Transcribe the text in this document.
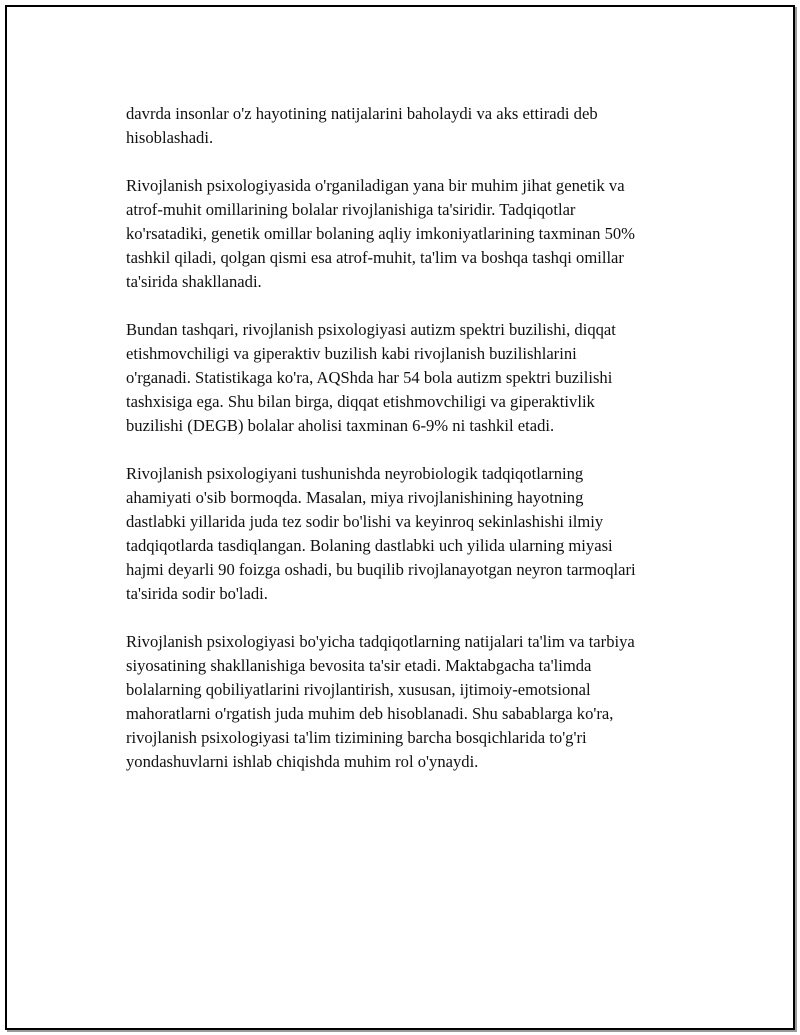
davrda insonlar o'z hayotining natijalarini baholaydi va aks ettiradi deb
hisoblashadi.

Rivojlanish psixologiyasida o'rganiladigan yana bir muhim jihat genetik va
atrof-muhit omillarining bolalar rivojlanishiga ta'siridir. Tadqiqotlar
ko'rsatadiki, genetik omillar bolaning aqliy imkoniyatlarining taxminan 50%
tashkil qiladi, qolgan qismi esa atrof-muhit, ta'lim va boshqa tashqi omillar
ta'sirida shakllanadi.

Bundan tashqari, rivojlanish psixologiyasi autizm spektri buzilishi, diqqat
etishmovchiligi va giperaktiv buzilish kabi rivojlanish buzilishlarini
o'rganadi. Statistikaga ko'ra, AQShda har 54 bola autizm spektri buzilishi
tashxisiga ega. Shu bilan birga, diqqat etishmovchiligi va giperaktivlik
buzilishi (DEGB) bolalar aholisi taxminan 6-9% ni tashkil etadi.

Rivojlanish psixologiyani tushunishda neyrobiologik tadqiqotlarning
ahamiyati o'sib bormoqda. Masalan, miya rivojlanishining hayotning
dastlabki yillarida juda tez sodir bo'lishi va keyinroq sekinlashishi ilmiy
tadqiqotlarda tasdiqlangan. Bolaning dastlabki uch yilida ularning miyasi
hajmi deyarli 90 foizga oshadi, bu buqilib rivojlanayotgan neyron tarmoqlari
ta'sirida sodir bo'ladi.

Rivojlanish psixologiyasi bo'yicha tadqiqotlarning natijalari ta'lim va tarbiya
siyosatining shakllanishiga bevosita ta'sir etadi. Maktabgacha ta'limda
bolalarning qobiliyatlarini rivojlantirish, xususan, ijtimoiy-emotsional
mahoratlarni o'rgatish juda muhim deb hisoblanadi. Shu sabablarga ko'ra,
rivojlanish psixologiyasi ta'lim tizimining barcha bosqichlarida to'g'ri
yondashuvlarni ishlab chiqishda muhim rol o'ynaydi.
